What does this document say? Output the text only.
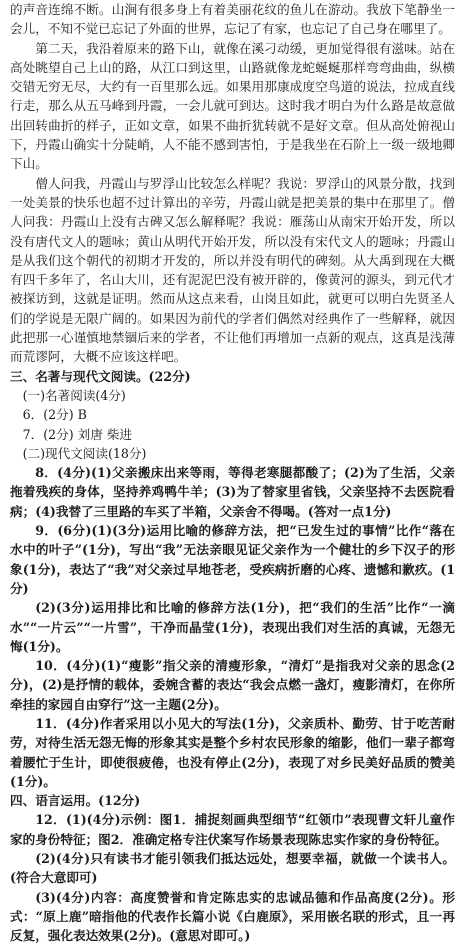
的声音连绵不断。山涧有很多身上有着美丽花纹的鱼儿在游动。我放下笔静坐一会儿，不知不觉已忘记了外面的世界，忘记了有家，也忘记了自己身在哪里了。

第二天，我沿着原来的路下山，就像在溪刁动缓，更加觉得很有滋味。站在高处眺望自己上山的路，从江口到这里，山路就像龙蛇蜒蜒那样弯弯曲曲，纵横交错无穷无尽，大约有一百里那么远。如果用那康成度空鸟道的说法，拉成直线行走，那么从五马峰到丹霞，一会儿就可到达。这时我才明白为什么路是故意做出回转曲折的样子，正如文章，如果不曲折犹转就不是好文章。但从高处俯视山下，丹霞山确实十分陡峭，人不能不感到害怕，于是我坐在石阶上一级一级地卿下山。

僧人问我，丹霞山与罗浮山比较怎么样呢？我说：罗浮山的风景分散，找到一处美景的快乐也超不过计算出的辛劳，丹霞山就是把美景的集中在那里了。僧人问我：丹霞山上没有古碑又怎么解释呢？我说：雁荡山从南宋开始开发，所以没有唐代文人的题咏；黄山从明代开始开发，所以没有宋代文人的题咏；丹霞山是从我们这个朝代的初期才开发的，所以并没有明代的碑刻。从大禹到现在大概有四千多年了，名山大川，还有泥泥巴没有被开辟的，像黄河的源头，到元代才被探访到，这就是证明。然而从这点来看，山岗且如此，就更可以明白先贤圣人们的学说是无限广阔的。如果因为前代的学者们偶然对经典作了一些解释，就因此把那一心谨慎地禁锢后来的学者，不让他们再增加一点新的观点，这真是浅薄而荒谬阿，大概不应该这样吧。

三、名著与现代文阅读。(22分)

(一)名著阅读(4分)

6．(2分) B

7．(2分) 刘唐 柴进

(二)现代文阅读(18分)

8．(4分)(1)父亲搬床出来等雨，等得老寒腿都酸了；(2)为了生活，父亲拖着残疾的身体，坚持养鸡鸭牛羊；(3)为了替家里省钱，父亲坚持不去医院看病；(4)我替了三里路的车买了半箱，父亲舍不得喝。(答对一点1分)

9．(6分)(1)(3分)运用比喻的修辞方法，把“已发生过的事情”比作“落在水中的叶子”(1分)，写出“我”无法亲眼见证父亲作为一个健壮的乡下汉子的形象(1分)，表达了“我”对父亲过早地苍老，受疾病折磨的心疼、遗憾和歉疚。(1分)

(2)(3分)运用排比和比喻的修辞方法(1分)，把“我们的生活”比作“一滴水”“一片云”“一片雪”，干净而晶莹(1分)，表现出我们对生活的真诚，无怨无悔(1分)。

10．(4分)(1)“瘦影”指父亲的清瘦形象，“清灯”是指我对父亲的思念(2分)，(2)是抒情的载体，委婉含蓄的表达“我会点燃一盏灯，瘦影清灯，在你所牵挂的家园自由穿行”这一主题(2分)。

11．(4分)作者采用以小见大的写法(1分)，父亲质朴、勤劳、甘于吃苦耐劳，对待生活无怨无悔的形象其实是整个乡村农民形象的缩影，他们一辈子都弯着腰忙于生计，即使很疲倦，也没有停止(2分)，表现了对乡民美好品质的赞美(1分)。

四、语言运用。(12分)

12．(1)(4分)示例：图1．捕捉刻画典型细节“红领巾”表现曹文轩儿童作家的身份特征；图2．准确定格专注伏案写作场景表现陈忠实作家的身份特征。

(2)(4分)只有读书才能引领我们抵达远处，想要幸福，就做一个读书人。(符合大意即可)

(3)(4分)内容：高度赞誉和肯定陈忠实的忠诚品德和作品高度(2分)。形式：“原上鹿”暗指他的代表作长篇小说《白鹿原》，采用嵌名联的形式，且一再反复，强化表达效果(2分)。(意思对即可。)
